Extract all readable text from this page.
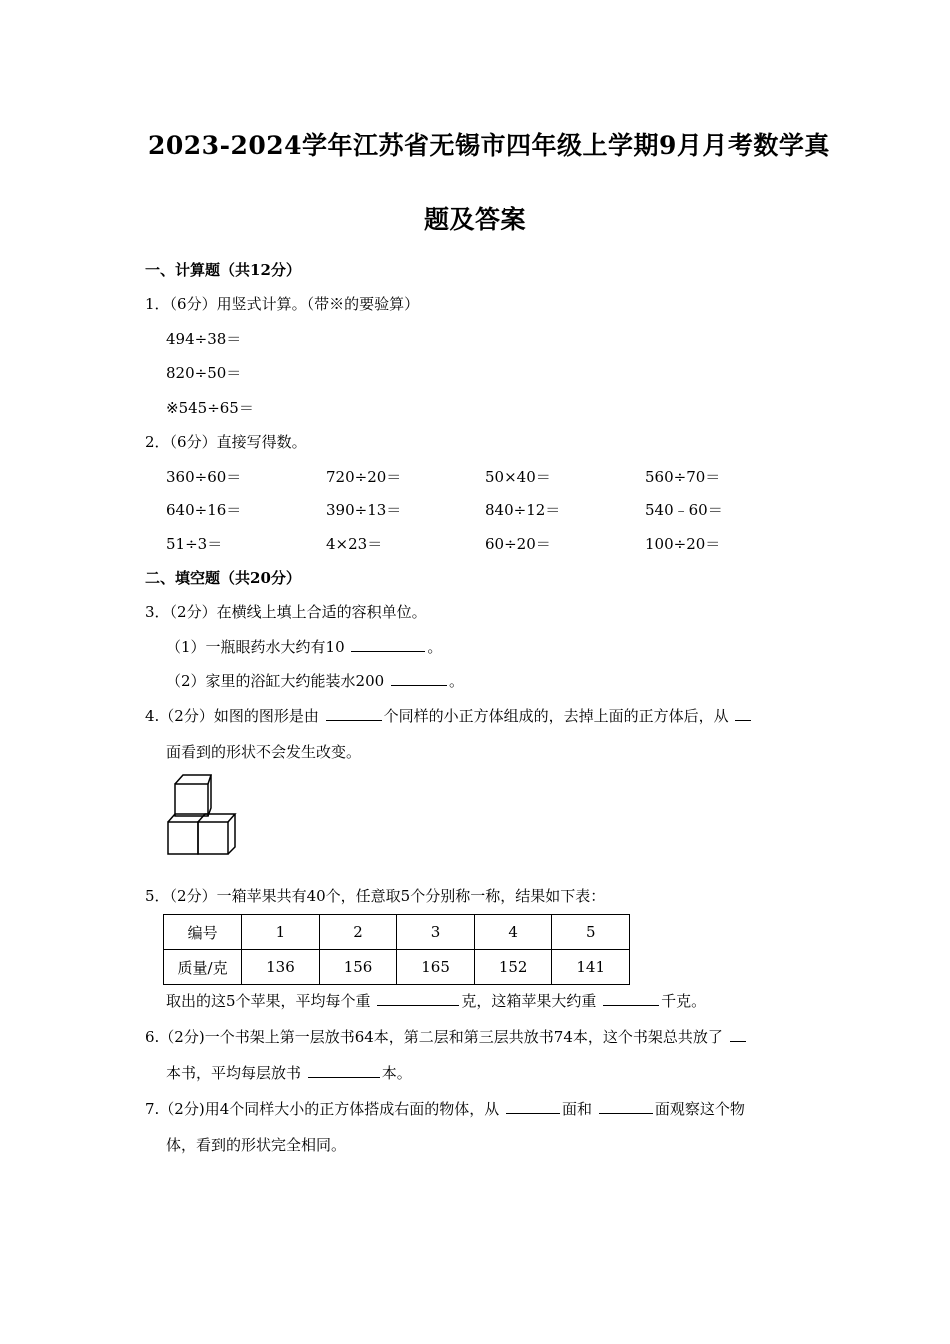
2023-2024学年江苏省无锡市四年级上学期9月月考数学真
题及答案
一、计算题（共12分）
1．（6分）用竖式计算。（带※的要验算）
494÷38＝
820÷50＝
※545÷65＝
2．（6分）直接写得数。
360÷60＝	720÷20＝	50×40＝	560÷70＝
640÷16＝	390÷13＝	840÷12＝	540﹣60＝
51÷3＝	4×23＝	60÷20＝	100÷20＝
二、填空题（共20分）
3．（2分）在横线上填上合适的容积单位。
（1）一瓶眼药水大约有10	。
（2）家里的浴缸大约能装水200	。
4.（2分）如图的图形是由	个同样的小正方体组成的，去掉上面的正方体后，从
面看到的形状不会发生改变。
5．（2分）一箱苹果共有40个，任意取5个分别称一称，结果如下表：
编号	1	2	3	4	5
质量/克	136	156	165	152	141
取出的这5个苹果，平均每个重	克，这箱苹果大约重	千克。
6.（2分)一个书架上第一层放书64本，第二层和第三层共放书74本，这个书架总共放了
本书，平均每层放书	本。
7.（2分)用4个同样大小的正方体搭成右面的物体，从	面和	面观察这个物
体，看到的形状完全相同。
